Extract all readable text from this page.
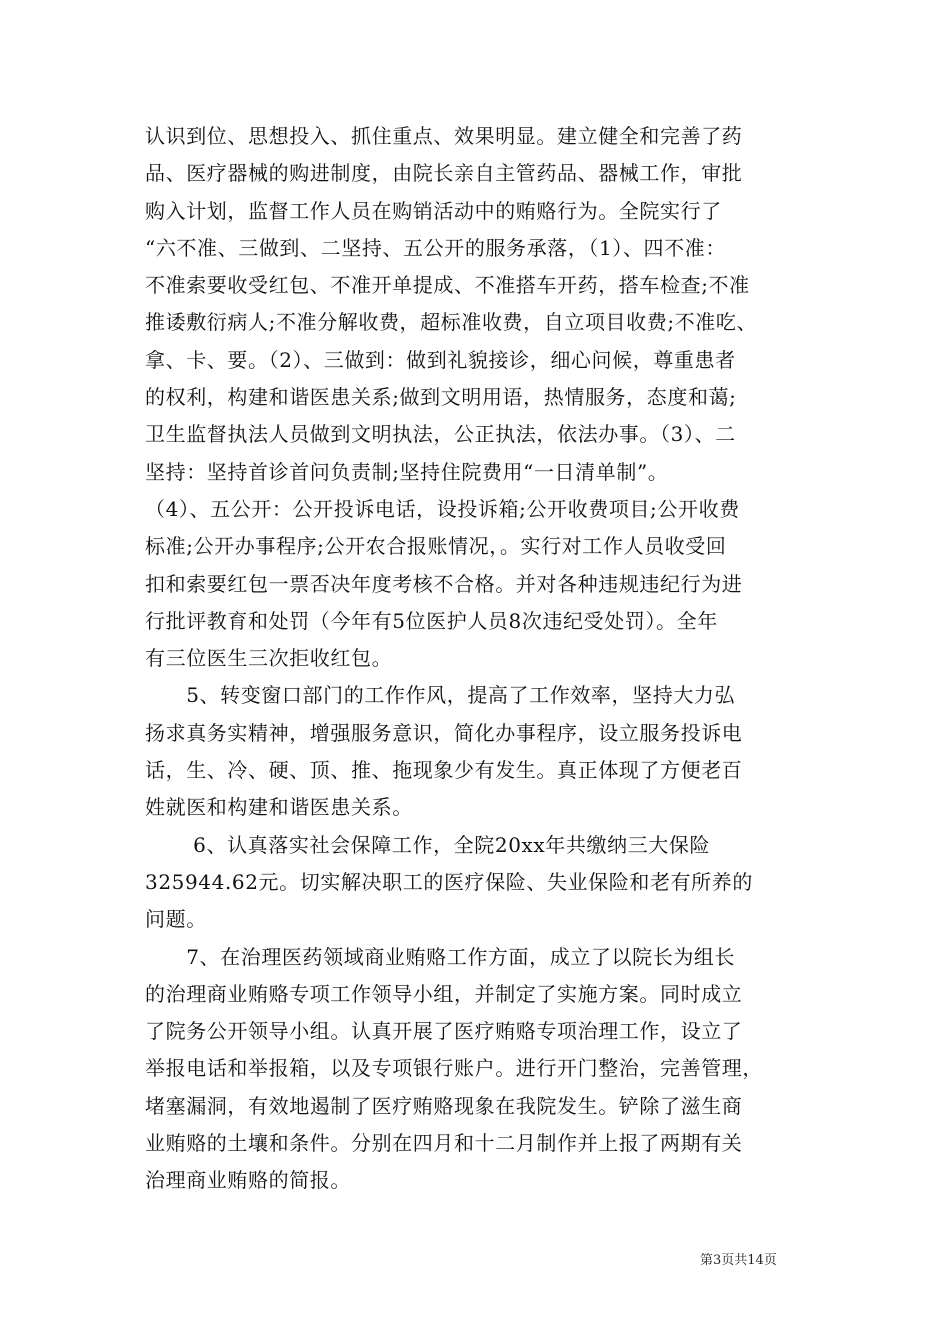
认识到位、思想投入、抓住重点、效果明显。建立健全和完善了药
品、医疗器械的购进制度，由院长亲自主管药品、器械工作，审批
购入计划，监督工作人员在购销活动中的贿赂行为。全院实行了
“六不准、三做到、二坚持、五公开的服务承落，（1）、四不准：
不准索要收受红包、不准开单提成、不准搭车开药，搭车检查;不准
推诿敷衍病人;不准分解收费，超标准收费，自立项目收费;不准吃、
拿、卡、要。（2）、三做到：做到礼貌接诊，细心问候，尊重患者
的权利，构建和谐医患关系;做到文明用语，热情服务，态度和蔼;
卫生监督执法人员做到文明执法，公正执法，依法办事。（3）、二
坚持：坚持首诊首问负责制;坚持住院费用“一日清单制”。
（4）、五公开：公开投诉电话，设投诉箱;公开收费项目;公开收费
标准;公开办事程序;公开农合报账情况，。实行对工作人员收受回
扣和索要红包一票否决年度考核不合格。并对各种违规违纪行为进
行批评教育和处罚（今年有5位医护人员8次违纪受处罚）。全年
有三位医生三次拒收红包。
　　5、转变窗口部门的工作作风，提高了工作效率，坚持大力弘
扬求真务实精神，增强服务意识，简化办事程序，设立服务投诉电
话，生、冷、硬、顶、推、拖现象少有发生。真正体现了方便老百
姓就医和构建和谐医患关系。
　　 6、认真落实社会保障工作，全院20xx年共缴纳三大保险
325944.62元。切实解决职工的医疗保险、失业保险和老有所养的
问题。
　　7、在治理医药领域商业贿赂工作方面，成立了以院长为组长
的治理商业贿赂专项工作领导小组，并制定了实施方案。同时成立
了院务公开领导小组。认真开展了医疗贿赂专项治理工作，设立了
举报电话和举报箱，以及专项银行账户。进行开门整治，完善管理，
堵塞漏洞，有效地遏制了医疗贿赂现象在我院发生。铲除了滋生商
业贿赂的土壤和条件。分别在四月和十二月制作并上报了两期有关
治理商业贿赂的简报。
第3页共14页
